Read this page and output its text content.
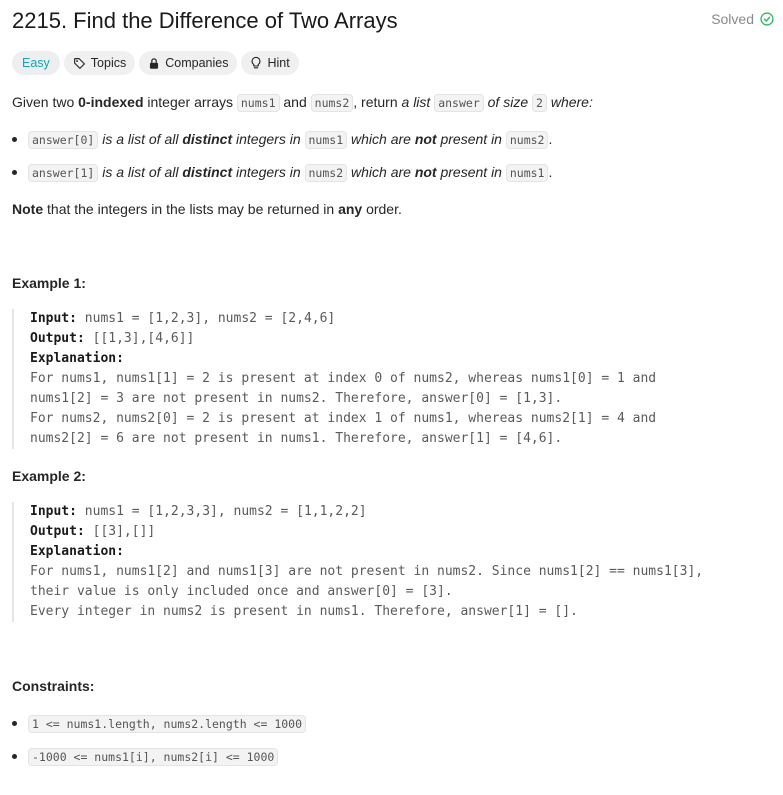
2215. Find the Difference of Two Arrays	Solved
Easy	Topics	Companies	Hint

Given two 0-indexed integer arrays nums1 and nums2 , return a list answer of size 2 where:

answer[0] is a list of all distinct integers in nums1 which are not present in nums2 .
answer[1] is a list of all distinct integers in nums2 which are not present in nums1 .

Note that the integers in the lists may be returned in any order.

Example 1:

Input: nums1 = [1,2,3], nums2 = [2,4,6]

Output: [[1,3],[4,6]]

Explanation:

For nums1, nums1[1] = 2 is present at index 0 of nums2, whereas nums1[0] = 1 and

nums1[2] = 3 are not present in nums2. Therefore, answer[0] = [1,3].

For nums2, nums2[0] = 2 is present at index 1 of nums1, whereas nums2[1] = 4 and

nums2[2] = 6 are not present in nums1. Therefore, answer[1] = [4,6].

Example 2:

Input: nums1 = [1,2,3,3], nums2 = [1,1,2,2]

Output: [[3],[]]

Explanation:

For nums1, nums1[2] and nums1[3] are not present in nums2. Since nums1[2] == nums1[3],

their value is only included once and answer[0] = [3].

Every integer in nums2 is present in nums1. Therefore, answer[1] = [].

Constraints:

1 <= nums1.length, nums2.length <= 1000
-1000 <= nums1[i], nums2[i] <= 1000
